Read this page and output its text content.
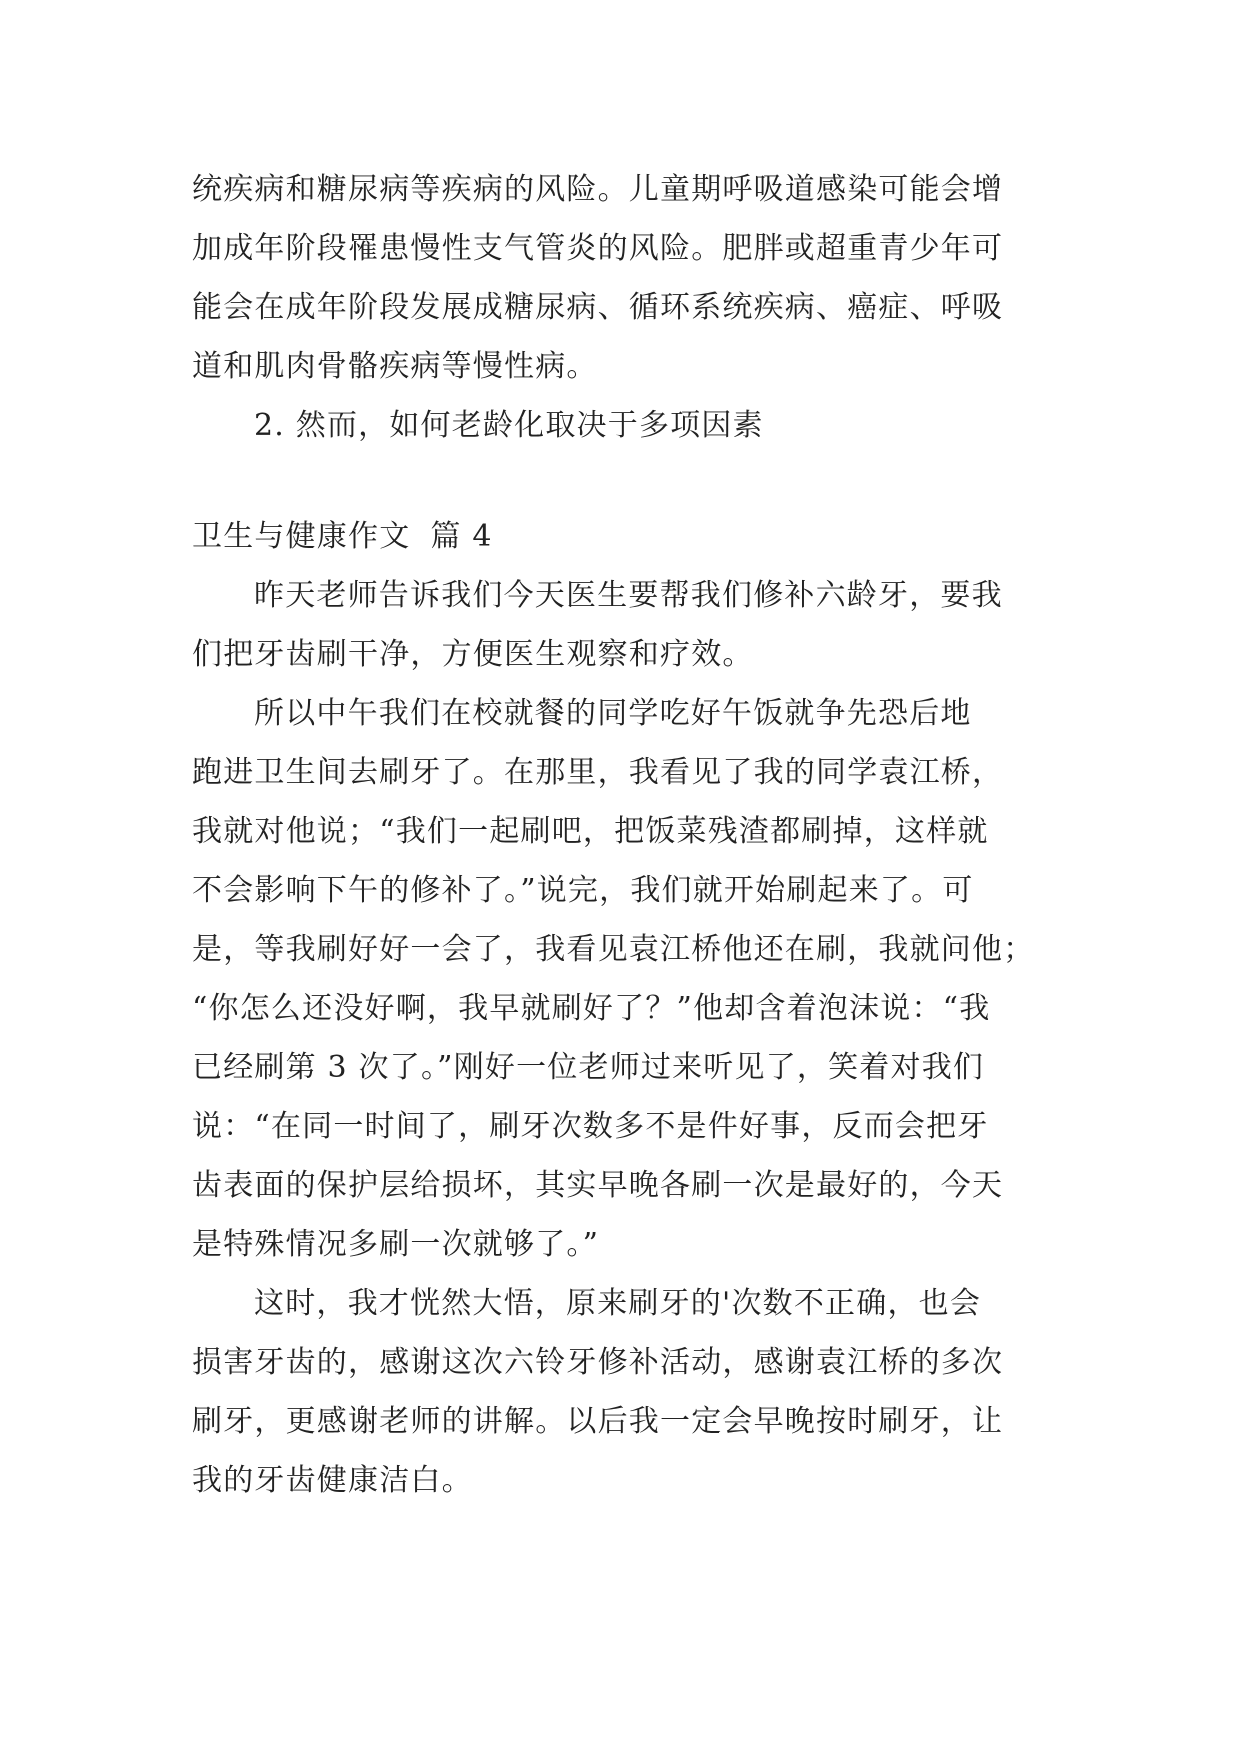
统疾病和糖尿病等疾病的风险。儿童期呼吸道感染可能会增
加成年阶段罹患慢性支气管炎的风险。肥胖或超重青少年可
能会在成年阶段发展成糖尿病、循环系统疾病、癌症、呼吸
道和肌肉骨骼疾病等慢性病。
2. 然而，如何老龄化取决于多项因素
卫生与健康作文 篇 4
昨天老师告诉我们今天医生要帮我们修补六龄牙，要我
们把牙齿刷干净，方便医生观察和疗效。
所以中午我们在校就餐的同学吃好午饭就争先恐后地
跑进卫生间去刷牙了。在那里，我看见了我的同学袁江桥，
我就对他说；“我们一起刷吧，把饭菜残渣都刷掉，这样就
不会影响下午的修补了。”说完，我们就开始刷起来了。可
是，等我刷好好一会了，我看见袁江桥他还在刷，我就问他；
“你怎么还没好啊，我早就刷好了？”他却含着泡沫说：“我
已经刷第 3 次了。”刚好一位老师过来听见了，笑着对我们
说：“在同一时间了，刷牙次数多不是件好事，反而会把牙
齿表面的保护层给损坏，其实早晚各刷一次是最好的，今天
是特殊情况多刷一次就够了。”
这时，我才恍然大悟，原来刷牙的'次数不正确，也会
损害牙齿的，感谢这次六铃牙修补活动，感谢袁江桥的多次
刷牙，更感谢老师的讲解。以后我一定会早晚按时刷牙，让
我的牙齿健康洁白。
